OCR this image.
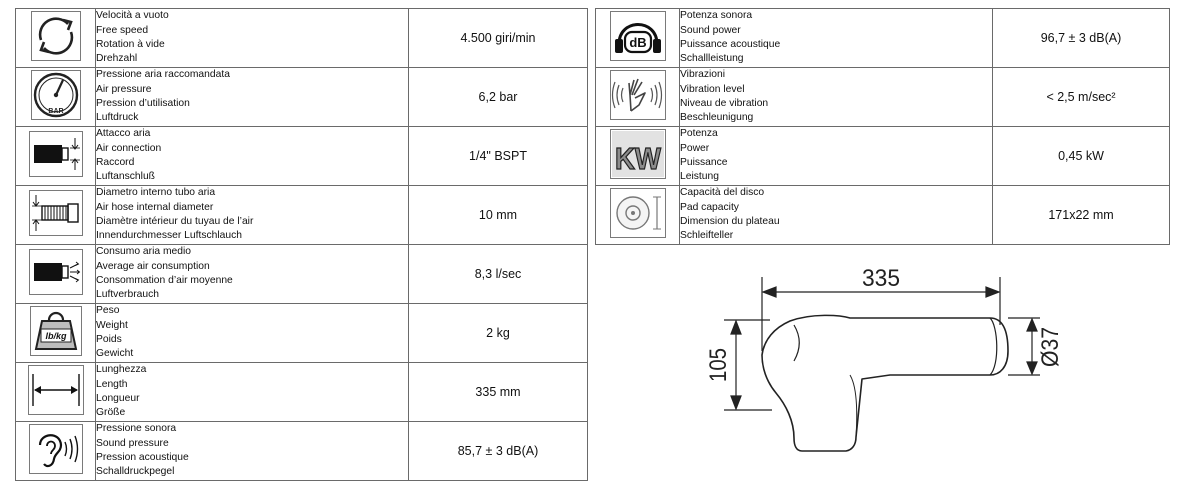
Velocità a vuoto
Free speed
Rotation à vide
Drehzahl	4.500 giri/min

BAR	Pressione aria raccomandata
Air pressure
Pression d’utilisation
Luftdruck	6,2 bar

Attacco aria
Air connection
Raccord
Luftanschluß	1/4" BSPT

Diametro interno tubo aria
Air hose internal diameter
Diamètre intérieur du tuyau de l’air
Innendurchmesser Luftschlauch	10 mm

Consumo aria medio
Average air consumption
Consommation d’air moyenne
Luftverbrauch	8,3 l/sec

lb/kg	Peso
Weight
Poids
Gewicht	2 kg

Lunghezza
Length
Longueur
Größe	335 mm

Pressione sonora
Sound pressure
Pression acoustique
Schalldruckpegel	85,7 ± 3 dB(A)
dB	Potenza sonora
Sound power
Puissance acoustique
Schallleistung	96,7 ± 3 dB(A)

Vibrazioni
Vibration level
Niveau de vibration
Beschleunigung	< 2,5 m/sec²

KW	Potenza
Power
Puissance
Leistung	0,45 kW

Capacità del disco
Pad capacity
Dimension du plateau
Schleifteller	171x22 mm
335
105	Ø37
